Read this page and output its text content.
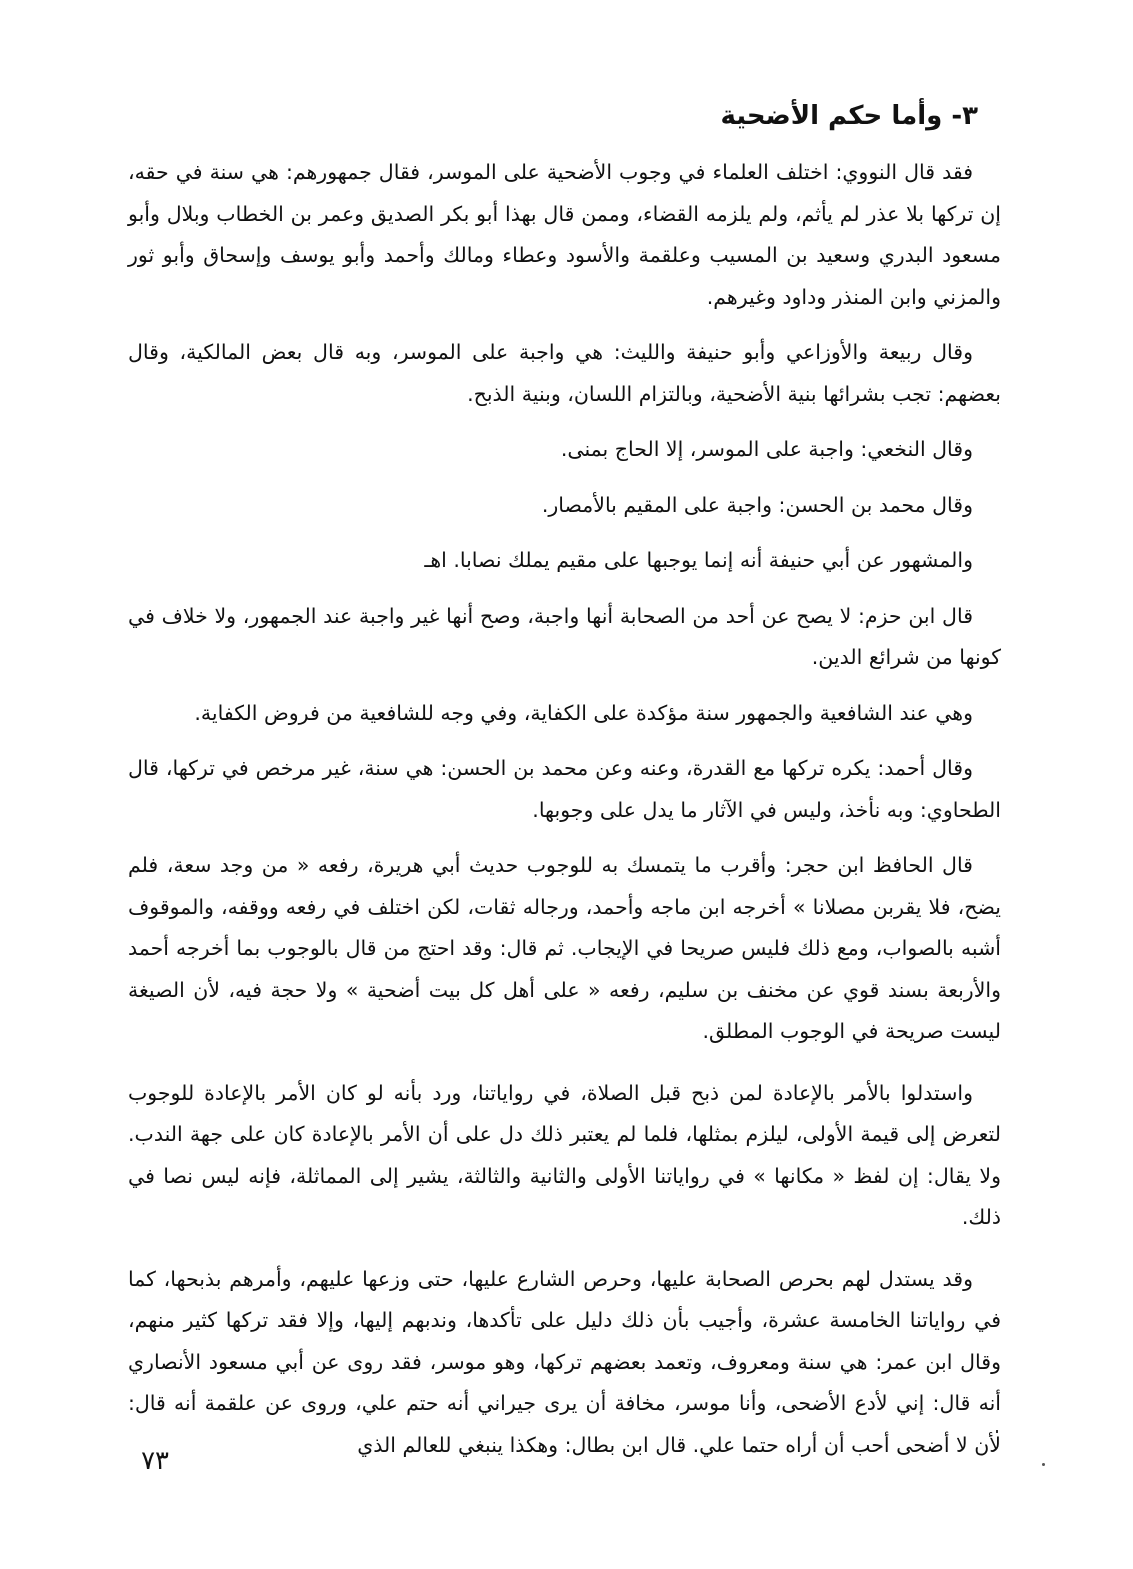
٣- وأما حكم الأضحية

فقد قال النووي: اختلف العلماء في وجوب الأضحية على الموسر، فقال جمهورهم: هي سنة في حقه، إن تركها بلا عذر لم يأثم، ولم يلزمه القضاء، وممن قال بهذا أبو بكر الصديق وعمر بن الخطاب وبلال وأبو مسعود البدري وسعيد بن المسيب وعلقمة والأسود وعطاء ومالك وأحمد وأبو يوسف وإسحاق وأبو ثور والمزني وابن المنذر وداود وغيرهم.

وقال ربيعة والأوزاعي وأبو حنيفة والليث: هي واجبة على الموسر، وبه قال بعض المالكية، وقال بعضهم: تجب بشرائها بنية الأضحية، وبالتزام اللسان، وبنية الذبح.

وقال النخعي: واجبة على الموسر، إلا الحاج بمنى.

وقال محمد بن الحسن: واجبة على المقيم بالأمصار.

والمشهور عن أبي حنيفة أنه إنما يوجبها على مقيم يملك نصابا. اهـ

قال ابن حزم: لا يصح عن أحد من الصحابة أنها واجبة، وصح أنها غير واجبة عند الجمهور، ولا خلاف في كونها من شرائع الدين.

وهي عند الشافعية والجمهور سنة مؤكدة على الكفاية، وفي وجه للشافعية من فروض الكفاية.

وقال أحمد: يكره تركها مع القدرة، وعنه وعن محمد بن الحسن: هي سنة، غير مرخص في تركها، قال الطحاوي: وبه نأخذ، وليس في الآثار ما يدل على وجوبها.

قال الحافظ ابن حجر: وأقرب ما يتمسك به للوجوب حديث أبي هريرة، رفعه « من وجد سعة، فلم يضح، فلا يقربن مصلانا » أخرجه ابن ماجه وأحمد، ورجاله ثقات، لكن اختلف في رفعه ووقفه، والموقوف أشبه بالصواب، ومع ذلك فليس صريحا في الإيجاب. ثم قال: وقد احتج من قال بالوجوب بما أخرجه أحمد والأربعة بسند قوي عن مخنف بن سليم، رفعه « على أهل كل بيت أضحية » ولا حجة فيه، لأن الصيغة ليست صريحة في الوجوب المطلق.

واستدلوا بالأمر بالإعادة لمن ذبح قبل الصلاة، في رواياتنا، ورد بأنه لو كان الأمر بالإعادة للوجوب لتعرض إلى قيمة الأولى، ليلزم بمثلها، فلما لم يعتبر ذلك دل على أن الأمر بالإعادة كان على جهة الندب. ولا يقال: إن لفظ « مكانها » في رواياتنا الأولى والثانية والثالثة، يشير إلى المماثلة، فإنه ليس نصا في ذلك.

وقد يستدل لهم بحرص الصحابة عليها، وحرص الشارع عليها، حتى وزعها عليهم، وأمرهم بذبحها، كما في رواياتنا الخامسة عشرة، وأجيب بأن ذلك دليل على تأكدها، وندبهم إليها، وإلا فقد تركها كثير منهم، وقال ابن عمر: هي سنة ومعروف، وتعمد بعضهم تركها، وهو موسر، فقد روى عن أبي مسعود الأنصاري أنه قال: إني لأدع الأضحى، وأنا موسر، مخافة أن يرى جيراني أنه حتم علي، وروى عن علقمة أنه قال: لأن لا أضحى أحب أن أراه حتما علي. قال ابن بطال: وهكذا ينبغي للعالم الذي

٧٣
